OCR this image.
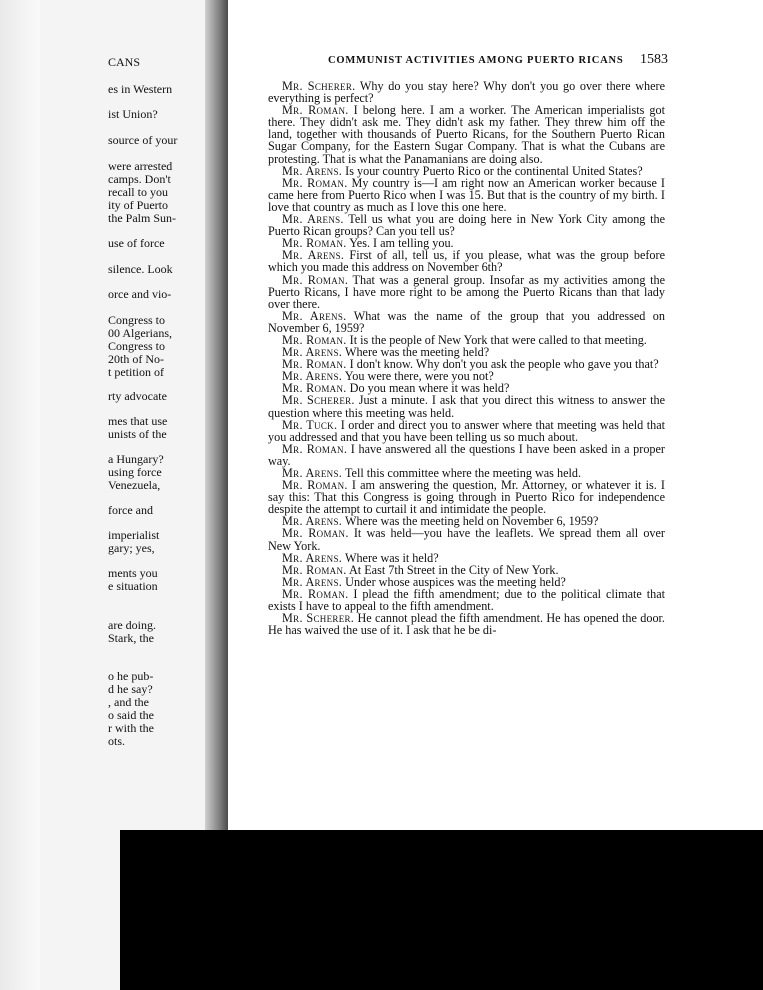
CANS
es in Western
ist Union?
source of your
were arrested
camps. Don't
recall to you
ity of Puerto
the Palm Sun-
use of force
silence. Look
orce and vio-
Congress to
00 Algerians,
Congress to
20th of No-
t petition of
rty advocate
mes that use
unists of the
a Hungary?
using force
Venezuela,
force and
imperialist
gary; yes,
ments you
e situation
are doing.
Stark, the
o he pub-
d he say?
, and the
o said the
r with the
ots.
COMMUNIST ACTIVITIES AMONG PUERTO RICANS 1583

Mr. Scherer. Why do you stay here? Why don't you go over there where everything is perfect?

Mr. Roman. I belong here. I am a worker. The American imperialists got there. They didn't ask me. They didn't ask my father. They threw him off the land, together with thousands of Puerto Ricans, for the Southern Puerto Rican Sugar Company, for the Eastern Sugar Company. That is what the Cubans are protesting. That is what the Panamanians are doing also.

Mr. Arens. Is your country Puerto Rico or the continental United States?

Mr. Roman. My country is—I am right now an American worker because I came here from Puerto Rico when I was 15. But that is the country of my birth. I love that country as much as I love this one here.

Mr. Arens. Tell us what you are doing here in New York City among the Puerto Rican groups? Can you tell us?

Mr. Roman. Yes. I am telling you.

Mr. Arens. First of all, tell us, if you please, what was the group before which you made this address on November 6th?

Mr. Roman. That was a general group. Insofar as my activities among the Puerto Ricans, I have more right to be among the Puerto Ricans than that lady over there.

Mr. Arens. What was the name of the group that you addressed on November 6, 1959?

Mr. Roman. It is the people of New York that were called to that meeting.

Mr. Arens. Where was the meeting held?

Mr. Roman. I don't know. Why don't you ask the people who gave you that?

Mr. Arens. You were there, were you not?

Mr. Roman. Do you mean where it was held?

Mr. Scherer. Just a minute. I ask that you direct this witness to answer the question where this meeting was held.

Mr. Tuck. I order and direct you to answer where that meeting was held that you addressed and that you have been telling us so much about.

Mr. Roman. I have answered all the questions I have been asked in a proper way.

Mr. Arens. Tell this committee where the meeting was held.

Mr. Roman. I am answering the question, Mr. Attorney, or whatever it is. I say this: That this Congress is going through in Puerto Rico for independence despite the attempt to curtail it and intimidate the people.

Mr. Arens. Where was the meeting held on November 6, 1959?

Mr. Roman. It was held—you have the leaflets. We spread them all over New York.

Mr. Arens. Where was it held?

Mr. Roman. At East 7th Street in the City of New York.

Mr. Arens. Under whose auspices was the meeting held?

Mr. Roman. I plead the fifth amendment; due to the political climate that exists I have to appeal to the fifth amendment.

Mr. Scherer. He cannot plead the fifth amendment. He has opened the door. He has waived the use of it. I ask that he be di-
